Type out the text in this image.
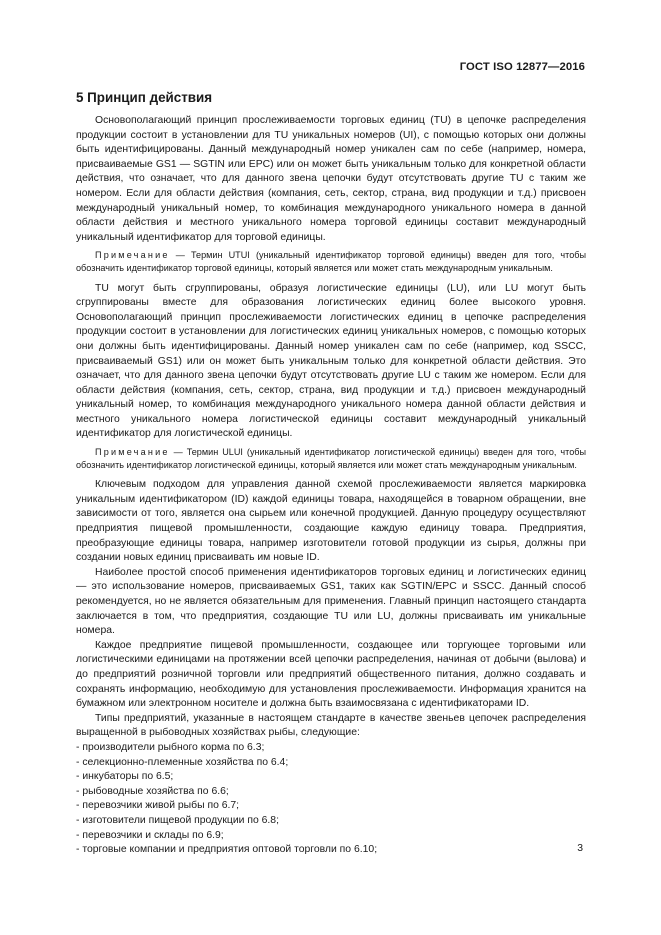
ГОСТ ISO 12877—2016
5 Принцип действия

Основополагающий принцип прослеживаемости торговых единиц (TU) в цепочке распределения продукции состоит в установлении для TU уникальных номеров (UI), с помощью которых они должны быть идентифицированы. Данный международный номер уникален сам по себе (например, номера, присваиваемые GS1 — SGTIN или EPC) или он может быть уникальным только для конкретной области действия, что означает, что для данного звена цепочки будут отсутствовать другие TU с таким же номером. Если для области действия (компания, сеть, сектор, страна, вид продукции и т.д.) присвоен международный уникальный номер, то комбинация международного уникального номера в данной области действия и местного уникального номера торговой единицы составит международный уникальный идентификатор для торговой единицы.

Примечание — Термин UTUI (уникальный идентификатор торговой единицы) введен для того, чтобы обозначить идентификатор торговой единицы, который является или может стать международным уникальным.

TU могут быть сгруппированы, образуя логистические единицы (LU), или LU могут быть сгруппированы вместе для образования логистических единиц более высокого уровня. Основополагающий принцип прослеживаемости логистических единиц в цепочке распределения продукции состоит в установлении для логистических единиц уникальных номеров, с помощью которых они должны быть идентифицированы. Данный номер уникален сам по себе (например, код SSCC, присваиваемый GS1) или он может быть уникальным только для конкретной области действия. Это означает, что для данного звена цепочки будут отсутствовать другие LU с таким же номером. Если для области действия (компания, сеть, сектор, страна, вид продукции и т.д.) присвоен международный уникальный номер, то комбинация международного уникального номера данной области действия и местного уникального номера логистической единицы составит международный уникальный идентификатор для логистической единицы.

Примечание — Термин ULUI (уникальный идентификатор логистической единицы) введен для того, чтобы обозначить идентификатор логистической единицы, который является или может стать международным уникальным.

Ключевым подходом для управления данной схемой прослеживаемости является маркировка уникальным идентификатором (ID) каждой единицы товара, находящейся в товарном обращении, вне зависимости от того, является она сырьем или конечной продукцией. Данную процедуру осуществляют предприятия пищевой промышленности, создающие каждую единицу товара. Предприятия, преобразующие единицы товара, например изготовители готовой продукции из сырья, должны при создании новых единиц присваивать им новые ID.

Наиболее простой способ применения идентификаторов торговых единиц и логистических единиц — это использование номеров, присваиваемых GS1, таких как SGTIN/EPC и SSCC. Данный способ рекомендуется, но не является обязательным для применения. Главный принцип настоящего стандарта заключается в том, что предприятия, создающие TU или LU, должны присваивать им уникальные номера.

Каждое предприятие пищевой промышленности, создающее или торгующее торговыми или логистическими единицами на протяжении всей цепочки распределения, начиная от добычи (вылова) и до предприятий розничной торговли или предприятий общественного питания, должно создавать и сохранять информацию, необходимую для установления прослеживаемости. Информация хранится на бумажном или электронном носителе и должна быть взаимосвязана с идентификаторами ID.

Типы предприятий, указанные в настоящем стандарте в качестве звеньев цепочек распределения выращенной в рыбоводных хозяйствах рыбы, следующие:

- производители рыбного корма по 6.3;
- селекционно-племенные хозяйства по 6.4;
- инкубаторы по 6.5;
- рыбоводные хозяйства по 6.6;
- перевозчики живой рыбы по 6.7;
- изготовители пищевой продукции по 6.8;
- перевозчики и склады по 6.9;
- торговые компании и предприятия оптовой торговли по 6.10;	3
